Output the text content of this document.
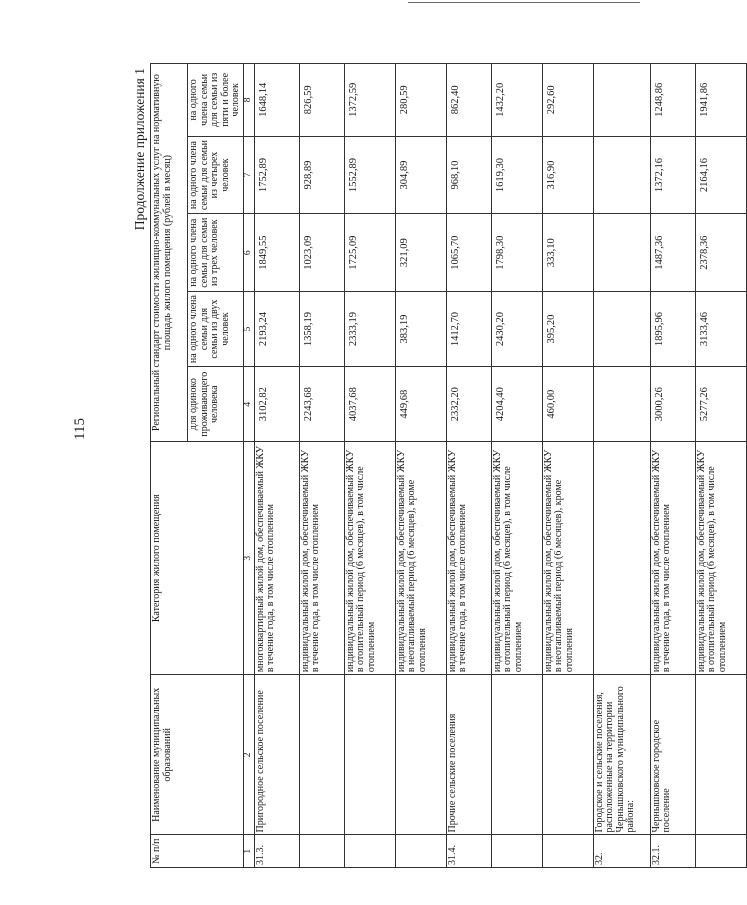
115
Продолжение приложения 1
№ п/п	Наименование муниципальных образований	Категория жилого помещения	Региональный стандарт стоимости жилищно-коммунальных услуг на нормативную площадь жилого помещения (рублей в месяц)				
			для одиноко проживающего человека	на одного члена семьи для семьи из двух человек	на одного члена семьи для семьи из трех человек	на одного члена семьи для семьи из четырех человек	на одного члена семьи для семьи из пяти и более человек
1	2	3	4	5	6	7	8
31.3.	Пригородное сельское поселение	многоквартирный жилой дом, обеспечиваемый ЖКУ в течение года, в том числе отоплением	3102,82	2193,24	1849,55	1752,89	1648,14
		индивидуальный жилой дом, обеспечиваемый ЖКУ в течение года, в том числе отоплением	2243,68	1358,19	1023,09	928,89	826,59
		индивидуальный жилой дом, обеспечиваемый ЖКУ в отопительный период (6 месяцев), в том числе отоплением	4037,68	2333,19	1725,09	1552,89	1372,59
		индивидуальный жилой дом, обеспечиваемый ЖКУ в неотапливаемый период (6 месяцев), кроме отопления	449,68	383,19	321,09	304,89	280,59
31.4.	Прочие сельские поселения	индивидуальный жилой дом, обеспечиваемый ЖКУ в течение года, в том числе отоплением	2332,20	1412,70	1065,70	968,10	862,40
		индивидуальный жилой дом, обеспечиваемый ЖКУ в отопительный период (6 месяцев), в том числе отоплением	4204,40	2430,20	1798,30	1619,30	1432,20
		индивидуальный жилой дом, обеспечиваемый ЖКУ в неотапливаемый период (6 месяцев), кроме отопления	460,00	395,20	333,10	316,90	292,60
32.	Городское и сельские поселения, расположенные на территории Чернышковского муниципального района:						
32.1.	Чернышковское городское поселение	индивидуальный жилой дом, обеспечиваемый ЖКУ в течение года, в том числе отоплением	3000,26	1895,96	1487,36	1372,16	1248,86
		индивидуальный жилой дом, обеспечиваемый ЖКУ в отопительный период (6 месяцев), в том числе отоплением	5277,26	3133,46	2378,36	2164,16	1941,86
